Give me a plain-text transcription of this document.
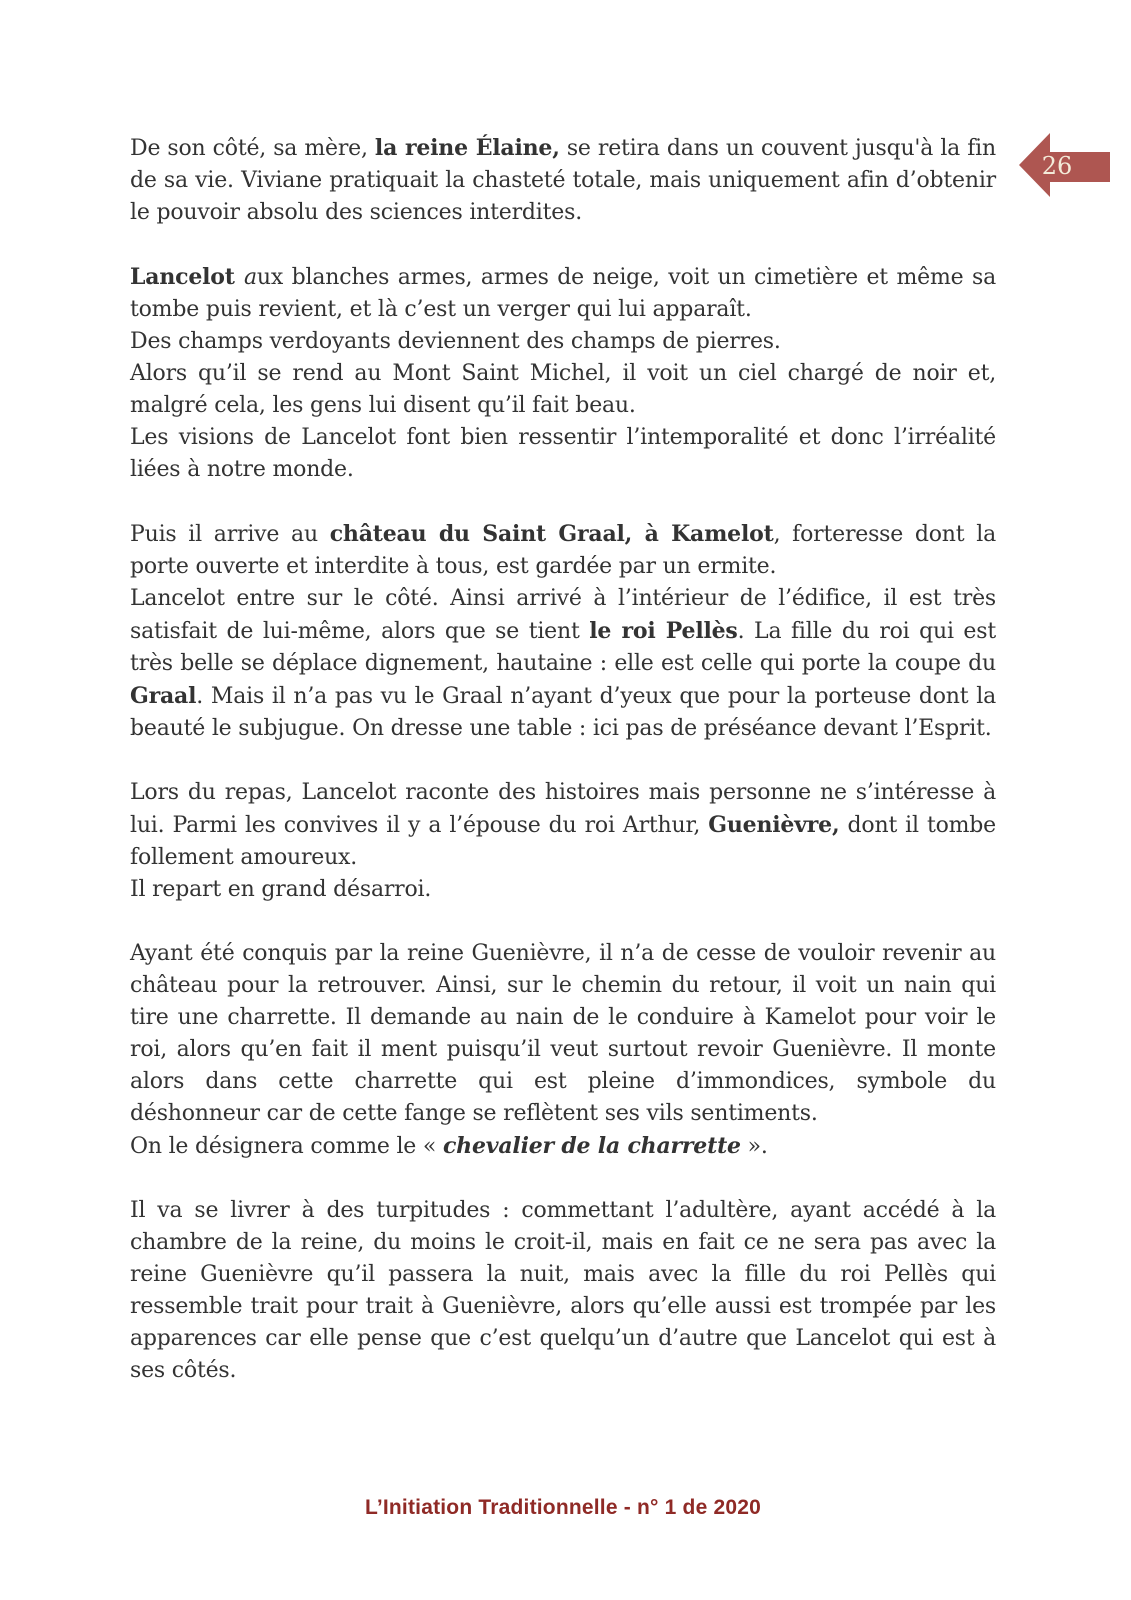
26

De son côté, sa mère, la reine Élaine, se retira dans un couvent jusqu'à la fin de sa vie. Viviane pratiquait la chasteté totale, mais uniquement afin d’obtenir le pouvoir absolu des sciences interdites.

Lancelot aux blanches armes, armes de neige, voit un cimetière et même sa tombe puis revient, et là c’est un verger qui lui apparaît.

Des champs verdoyants deviennent des champs de pierres.

Alors qu’il se rend au Mont Saint Michel, il voit un ciel chargé de noir et, malgré cela, les gens lui disent qu’il fait beau.

Les visions de Lancelot font bien ressentir l’intemporalité et donc l’irréalité liées à notre monde.

Puis il arrive au château du Saint Graal, à Kamelot, forteresse dont la porte ouverte et interdite à tous, est gardée par un ermite.

Lancelot entre sur le côté. Ainsi arrivé à l’intérieur de l’édifice, il est très satisfait de lui-même, alors que se tient le roi Pellès. La fille du roi qui est très belle se déplace dignement, hautaine : elle est celle qui porte la coupe du Graal. Mais il n’a pas vu le Graal n’ayant d’yeux que pour la porteuse dont la beauté le subjugue. On dresse une table : ici pas de préséance devant l’Esprit.

Lors du repas, Lancelot raconte des histoires mais personne ne s’intéresse à lui. Parmi les convives il y a l’épouse du roi Arthur, Guenièvre, dont il tombe follement amoureux.

Il repart en grand désarroi.

Ayant été conquis par la reine Guenièvre, il n’a de cesse de vouloir revenir au château pour la retrouver. Ainsi, sur le chemin du retour, il voit un nain qui tire une charrette. Il demande au nain de le conduire à Kamelot pour voir le roi, alors qu’en fait il ment puisqu’il veut surtout revoir Guenièvre. Il monte alors dans cette charrette qui est pleine d’immondices, symbole du déshonneur car de cette fange se reflètent ses vils sentiments.

On le désignera comme le « chevalier de la charrette ».

Il va se livrer à des turpitudes : commettant l’adultère, ayant accédé à la chambre de la reine, du moins le croit-il, mais en fait ce ne sera pas avec la reine Guenièvre qu’il passera la nuit, mais avec la fille du roi Pellès qui ressemble trait pour trait à Guenièvre, alors qu’elle aussi est trompée par les apparences car elle pense que c’est quelqu’un d’autre que Lancelot qui est à ses côtés.

L’Initiation Traditionnelle - n° 1 de 2020
